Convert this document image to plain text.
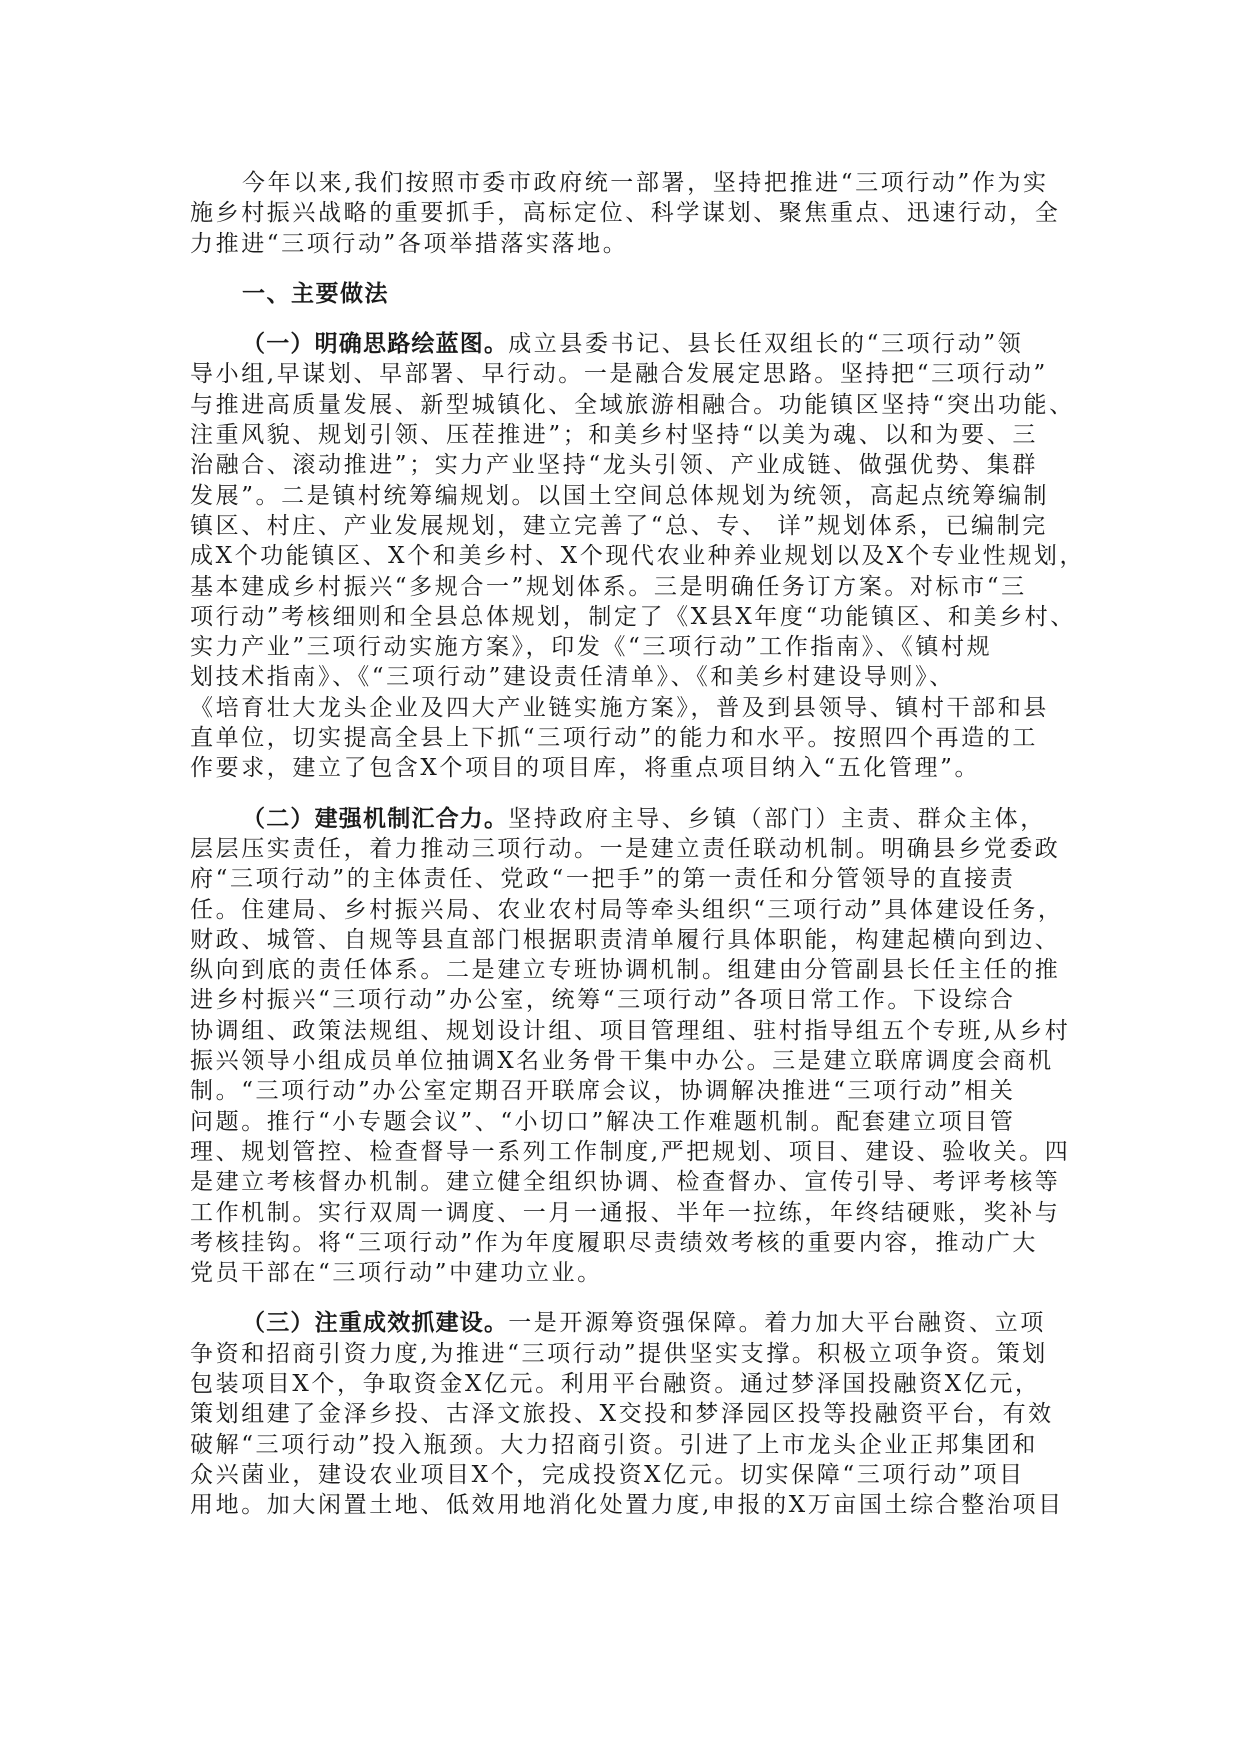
今年以来,我们按照市委市政府统一部署，坚持把推进“三项行动”作为实
施乡村振兴战略的重要抓手，高标定位、科学谋划、聚焦重点、迅速行动，全
力推进“三项行动”各项举措落实落地。
一、主要做法
（一）明确思路绘蓝图。成立县委书记、县长任双组长的“三项行动”领
导小组,早谋划、早部署、早行动。一是融合发展定思路。坚持把“三项行动”
与推进高质量发展、新型城镇化、全域旅游相融合。功能镇区坚持“突出功能、
注重风貌、规划引领、压茬推进”；和美乡村坚持“以美为魂、以和为要、三
治融合、滚动推进”；实力产业坚持“龙头引领、产业成链、做强优势、集群
发展”。二是镇村统筹编规划。以国土空间总体规划为统领，高起点统筹编制
镇区、村庄、产业发展规划，建立完善了“总、专、 详”规划体系，已编制完
成X个功能镇区、X个和美乡村、X个现代农业种养业规划以及X个专业性规划，
基本建成乡村振兴“多规合一”规划体系。三是明确任务订方案。对标市“三
项行动”考核细则和全县总体规划，制定了《X县X年度“功能镇区、和美乡村、
实力产业”三项行动实施方案》，印发《“三项行动”工作指南》、《镇村规
划技术指南》、《“三项行动”建设责任清单》、《和美乡村建设导则》、
《培育壮大龙头企业及四大产业链实施方案》，普及到县领导、镇村干部和县
直单位，切实提高全县上下抓“三项行动”的能力和水平。按照四个再造的工
作要求，建立了包含X个项目的项目库，将重点项目纳入“五化管理”。
（二）建强机制汇合力。坚持政府主导、乡镇（部门）主责、群众主体，
层层压实责任，着力推动三项行动。一是建立责任联动机制。明确县乡党委政
府“三项行动”的主体责任、党政“一把手”的第一责任和分管领导的直接责
任。住建局、乡村振兴局、农业农村局等牵头组织“三项行动”具体建设任务，
财政、城管、自规等县直部门根据职责清单履行具体职能，构建起横向到边、
纵向到底的责任体系。二是建立专班协调机制。组建由分管副县长任主任的推
进乡村振兴“三项行动”办公室，统筹“三项行动”各项日常工作。下设综合
协调组、政策法规组、规划设计组、项目管理组、驻村指导组五个专班,从乡村
振兴领导小组成员单位抽调X名业务骨干集中办公。三是建立联席调度会商机
制。“三项行动”办公室定期召开联席会议，协调解决推进“三项行动”相关
问题。推行“小专题会议”、“小切口”解决工作难题机制。配套建立项目管
理、规划管控、检查督导一系列工作制度,严把规划、项目、建设、验收关。四
是建立考核督办机制。建立健全组织协调、检查督办、宣传引导、考评考核等
工作机制。实行双周一调度、一月一通报、半年一拉练，年终结硬账，奖补与
考核挂钩。将“三项行动”作为年度履职尽责绩效考核的重要内容，推动广大
党员干部在“三项行动”中建功立业。
（三）注重成效抓建设。一是开源筹资强保障。着力加大平台融资、立项
争资和招商引资力度,为推进“三项行动”提供坚实支撑。积极立项争资。策划
包装项目X个，争取资金X亿元。利用平台融资。通过梦泽国投融资X亿元，
策划组建了金泽乡投、古泽文旅投、X交投和梦泽园区投等投融资平台，有效
破解“三项行动”投入瓶颈。大力招商引资。引进了上市龙头企业正邦集团和
众兴菌业，建设农业项目X个，完成投资X亿元。切实保障“三项行动”项目
用地。加大闲置土地、低效用地消化处置力度,申报的X万亩国土综合整治项目
